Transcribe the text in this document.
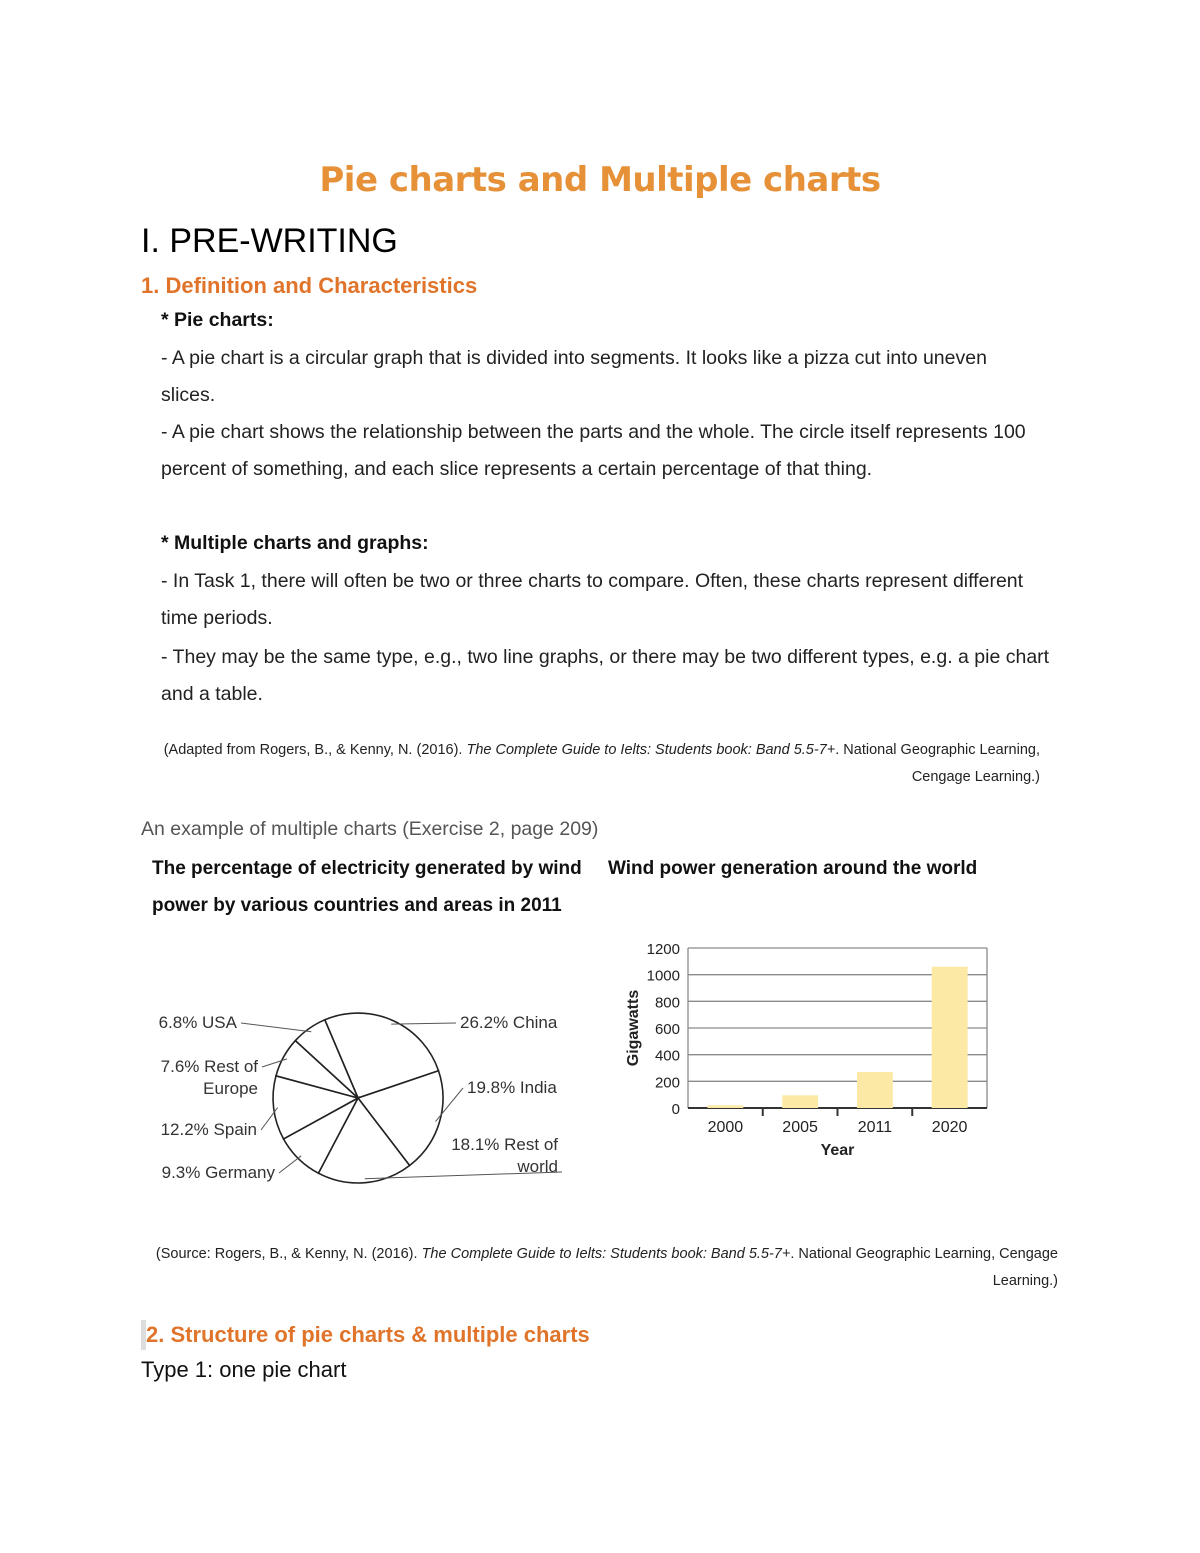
Pie charts and Multiple charts
I. PRE-WRITING
1. Definition and Characteristics
* Pie charts:

- A pie chart is a circular graph that is divided into segments. It looks like a pizza cut into uneven slices.

- A pie chart shows the relationship between the parts and the whole. The circle itself represents 100 percent of something, and each slice represents a certain percentage of that thing.

* Multiple charts and graphs:

- In Task 1, there will often be two or three charts to compare. Often, these charts represent different time periods.

- They may be the same type, e.g., two line graphs, or there may be two different types, e.g. a pie chart and a table.

(Adapted from Rogers, B., & Kenny, N. (2016). The Complete Guide to Ielts: Students book: Band 5.5-7+. National Geographic Learning, Cengage Learning.)
An example of multiple charts (Exercise 2, page 209)
The percentage of electricity generated by wind power by various countries and areas in 2011
Wind power generation around the world
26.2% China
19.8% India
18.1% Rest of
world
9.3% Germany
12.2% Spain
7.6% Rest of
Europe
6.8% USA
0
200
400
600
800
1000
1200
2000 2005 2011 2020
Year
Gigawatts
(Source: Rogers, B., & Kenny, N. (2016). The Complete Guide to Ielts: Students book: Band 5.5-7+. National Geographic Learning, Cengage Learning.)
2. Structure of pie charts & multiple charts
Type 1: one pie chart
